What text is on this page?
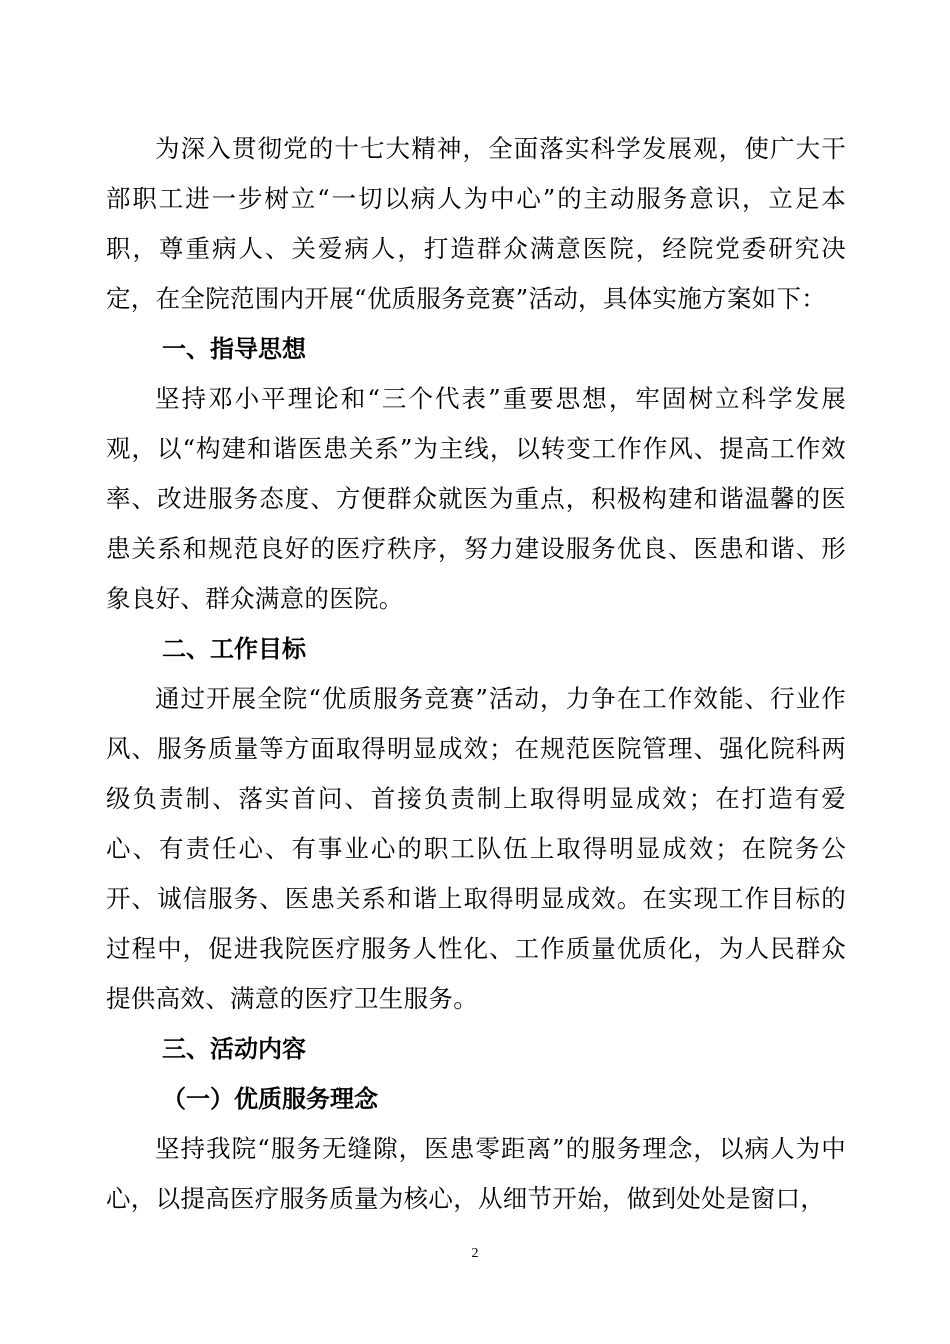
为深入贯彻党的十七大精神，全面落实科学发展观，使广大干部职工进一步树立“一切以病人为中心”的主动服务意识，立足本职，尊重病人、关爱病人，打造群众满意医院，经院党委研究决定，在全院范围内开展“优质服务竞赛”活动，具体实施方案如下：

一、指导思想

坚持邓小平理论和“三个代表”重要思想，牢固树立科学发展观，以“构建和谐医患关系”为主线，以转变工作作风、提高工作效率、改进服务态度、方便群众就医为重点，积极构建和谐温馨的医患关系和规范良好的医疗秩序，努力建设服务优良、医患和谐、形象良好、群众满意的医院。

二、工作目标

通过开展全院“优质服务竞赛”活动，力争在工作效能、行业作风、服务质量等方面取得明显成效；在规范医院管理、强化院科两级负责制、落实首问、首接负责制上取得明显成效；在打造有爱心、有责任心、有事业心的职工队伍上取得明显成效；在院务公开、诚信服务、医患关系和谐上取得明显成效。在实现工作目标的过程中，促进我院医疗服务人性化、工作质量优质化，为人民群众提供高效、满意的医疗卫生服务。

三、活动内容

（一）优质服务理念

坚持我院“服务无缝隙，医患零距离”的服务理念，以病人为中心，以提高医疗服务质量为核心，从细节开始，做到处处是窗口，

2
